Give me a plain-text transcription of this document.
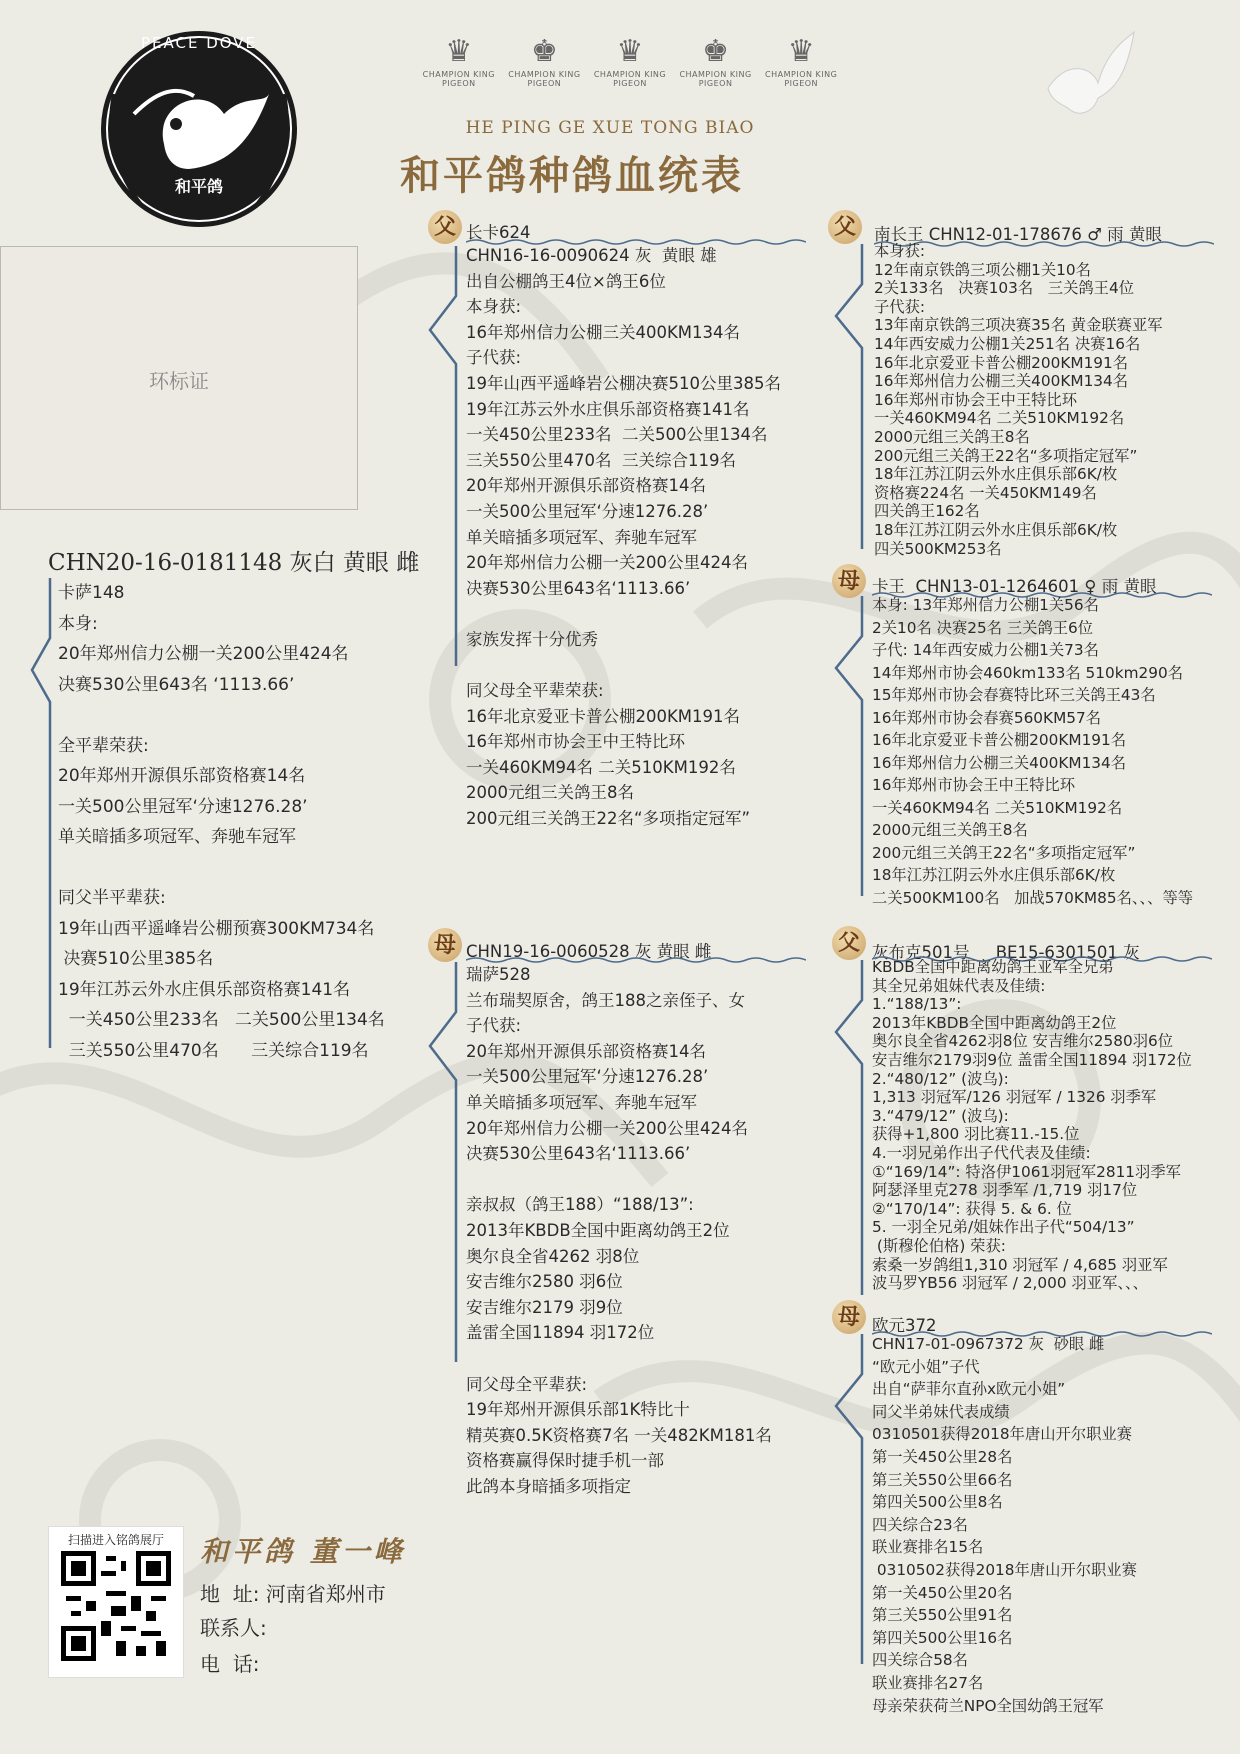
PEACE DOVE
和平鸽
♛
CHAMPION KING PIGEON
♚
CHAMPION KING PIGEON
♛
CHAMPION KING PIGEON
♚
CHAMPION KING PIGEON
♛
CHAMPION KING PIGEON
HE PING GE XUE TONG BIAO
和平鸽种鸽血统表
环标证
CHN20-16-0181148 灰白 黄眼 雌
卡萨148
本身:
20年郑州信力公棚一关200公里424名
决赛530公里643名 ‘1113.66’

全平辈荣获:
20年郑州开源俱乐部资格赛14名
一关500公里冠军‘分速1276.28’
单关暗插多项冠军、奔驰车冠军

同父半平辈获:
19年山西平遥峰岩公棚预赛300KM734名
决赛510公里385名
19年江苏云外水庄俱乐部资格赛141名
一关450公里233名   二关500公里134名
三关550公里470名      三关综合119名
父 长卡624
CHN16-16-0090624 灰  黄眼 雄
出自公棚鸽王4位×鸽王6位
本身获:
16年郑州信力公棚三关400KM134名
子代获:
19年山西平遥峰岩公棚决赛510公里385名
19年江苏云外水庄俱乐部资格赛141名
一关450公里233名  二关500公里134名
三关550公里470名  三关综合119名
20年郑州开源俱乐部资格赛14名
一关500公里冠军‘分速1276.28’
单关暗插多项冠军、奔驰车冠军
20年郑州信力公棚一关200公里424名
决赛530公里643名‘1113.66’

家族发挥十分优秀

同父母全平辈荣获:
16年北京爱亚卡普公棚200KM191名
16年郑州市协会王中王特比环
一关460KM94名 二关510KM192名
2000元组三关鸽王8名
200元组三关鸽王22名“多项指定冠军”
母 CHN19-16-0060528 灰 黄眼 雌
瑞萨528
兰布瑞契原舍，鸽王188之亲侄子、女
子代获:
20年郑州开源俱乐部资格赛14名
一关500公里冠军‘分速1276.28’
单关暗插多项冠军、奔驰车冠军
20年郑州信力公棚一关200公里424名
决赛530公里643名‘1113.66’

亲叔叔（鸽王188）“188/13”:
2013年KBDB全国中距离幼鸽王2位
奥尔良全省4262 羽8位
安吉维尔2580 羽6位
安吉维尔2179 羽9位
盖雷全国11894 羽172位

同父母全平辈获:
19年郑州开源俱乐部1K特比十
精英赛0.5K资格赛7名 一关482KM181名
资格赛赢得保时捷手机一部
此鸽本身暗插多项指定
父	南长王 CHN12-01-178676 ♂ 雨 黄眼
本身获:
12年南京铁鸽三项公棚1关10名
2关133名   决赛103名   三关鸽王4位
子代获:
13年南京铁鸽三项决赛35名 黄金联赛亚军
14年西安威力公棚1关251名 决赛16名
16年北京爱亚卡普公棚200KM191名
16年郑州信力公棚三关400KM134名
16年郑州市协会王中王特比环
一关460KM94名 二关510KM192名
2000元组三关鸽王8名
200元组三关鸽王22名“多项指定冠军”
18年江苏江阴云外水庄俱乐部6K/枚
资格赛224名 一关450KM149名
四关鸽王162名
18年江苏江阴云外水庄俱乐部6K/枚
四关500KM253名
母 卡王  CHN13-01-1264601 ♀ 雨 黄眼
本身: 13年郑州信力公棚1关56名
2关10名 决赛25名 三关鸽王6位
子代: 14年西安威力公棚1关73名
14年郑州市协会460km133名 510km290名
15年郑州市协会春赛特比环三关鸽王43名
16年郑州市协会春赛560KM57名
16年北京爱亚卡普公棚200KM191名
16年郑州信力公棚三关400KM134名
16年郑州市协会王中王特比环
一关460KM94名 二关510KM192名
2000元组三关鸽王8名
200元组三关鸽王22名“多项指定冠军”
18年江苏江阴云外水庄俱乐部6K/枚
二关500KM100名   加战570KM85名、、、等等
父 灰布克501号     BE15-6301501 灰
KBDB全国中距离幼鸽王亚军全兄弟
其全兄弟姐妹代表及佳绩:
1.“188/13”:
2013年KBDB全国中距离幼鸽王2位
奥尔良全省4262羽8位 安吉维尔2580羽6位
安吉维尔2179羽9位 盖雷全国11894 羽172位
2.“480/12” (波乌):
1,313 羽冠军/126 羽冠军 / 1326 羽季军
3.“479/12” (波乌):
获得+1,800 羽比赛11.-15.位
4.一羽兄弟作出子代代表及佳绩:
①“169/14”: 特洛伊1061羽冠军2811羽季军
阿瑟泽里克278 羽季军 /1,719 羽17位
②“170/14”: 获得 5. & 6. 位
5. 一羽全兄弟/姐妹作出子代“504/13”
(斯穆伦伯格) 荣获:
索桑一岁鸽组1,310 羽冠军 / 4,685 羽亚军
波马罗YB56 羽冠军 / 2,000 羽亚军、、、
母 欧元372
CHN17-01-0967372 灰  砂眼 雌
“欧元小姐”子代
出自“萨菲尔直孙x欧元小姐”
同父半弟妹代表成绩
0310501获得2018年唐山开尔职业赛
第一关450公里28名
第三关550公里66名
第四关500公里8名
四关综合23名
联业赛排名15名
0310502获得2018年唐山开尔职业赛
第一关450公里20名
第三关550公里91名
第四关500公里16名
四关综合58名
联业赛排名27名
母亲荣获荷兰NPO全国幼鸽王冠军
扫描进入铭鸽展厅	和平鸽 董一峰
地  址: 河南省郑州市
联系人:
电  话:
